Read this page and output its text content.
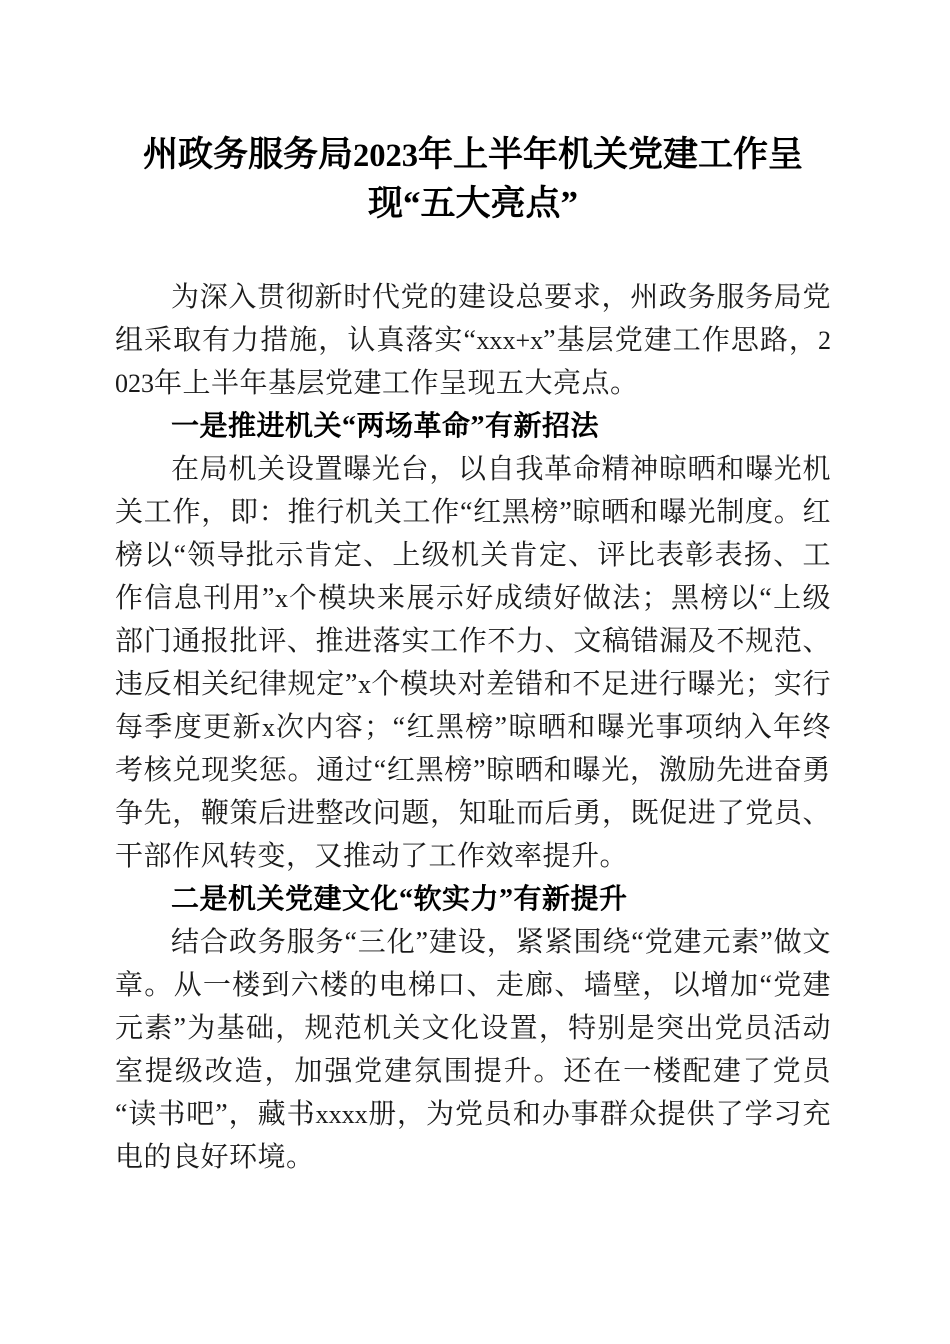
州政务服务局2023年上半年机关党建工作呈
现“五大亮点”

为深入贯彻新时代党的建设总要求，州政务服务局党组采取有力措施，认真落实“xxx+x”基层党建工作思路，2023年上半年基层党建工作呈现五大亮点。

一是推进机关“两场革命”有新招法

在局机关设置曝光台，以自我革命精神晾晒和曝光机关工作，即：推行机关工作“红黑榜”晾晒和曝光制度。红榜以“领导批示肯定、上级机关肯定、评比表彰表扬、工作信息刊用”x个模块来展示好成绩好做法；黑榜以“上级部门通报批评、推进落实工作不力、文稿错漏及不规范、违反相关纪律规定”x个模块对差错和不足进行曝光；实行每季度更新x次内容；“红黑榜”晾晒和曝光事项纳入年终考核兑现奖惩。通过“红黑榜”晾晒和曝光，激励先进奋勇争先，鞭策后进整改问题，知耻而后勇，既促进了党员、干部作风转变，又推动了工作效率提升。

二是机关党建文化“软实力”有新提升

结合政务服务“三化”建设，紧紧围绕“党建元素”做文章。从一楼到六楼的电梯口、走廊、墙壁，以增加“党建元素”为基础，规范机关文化设置，特别是突出党员活动室提级改造，加强党建氛围提升。还在一楼配建了党员“读书吧”，藏书xxxx册，为党员和办事群众提供了学习充电的良好环境。
